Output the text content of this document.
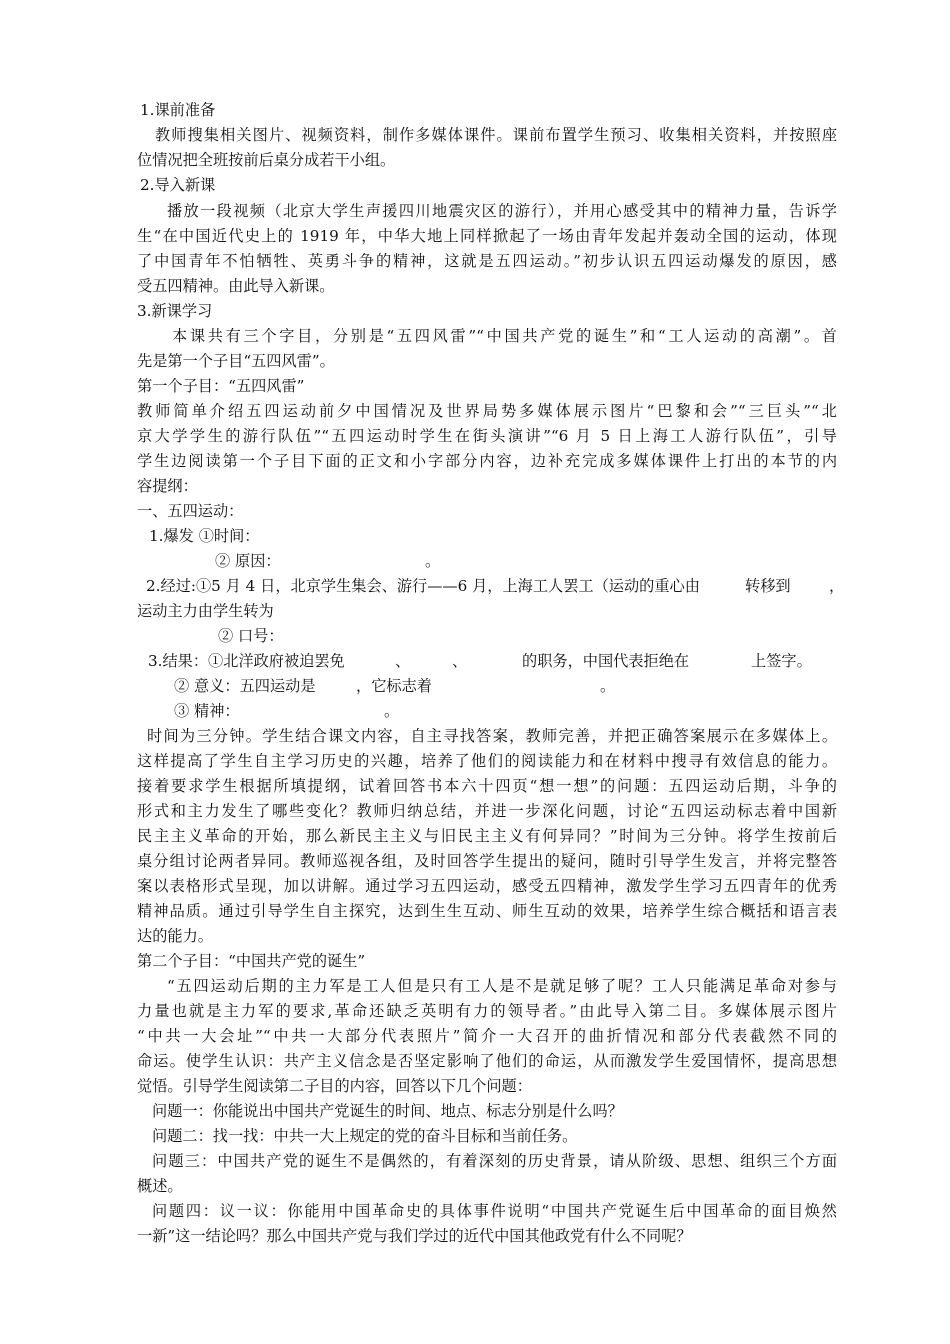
1.课前准备
教师搜集相关图片、视频资料，制作多媒体课件。课前布置学生预习、收集相关资料，并按照座
位情况把全班按前后桌分成若干小组。
2.导入新课
播放一段视频（北京大学生声援四川地震灾区的游行），并用心感受其中的精神力量，告诉学
生“在中国近代史上的 1919 年，中华大地上同样掀起了一场由青年发起并轰动全国的运动，体现
了中国青年不怕牺牲、英勇斗争的精神，这就是五四运动。”初步认识五四运动爆发的原因，感
受五四精神。由此导入新课。
3.新课学习
本课共有三个字目，分别是“五四风雷”“中国共产党的诞生”和“工人运动的高潮”。首
先是第一个子目“五四风雷”。
第一个子目：“五四风雷”
教师简单介绍五四运动前夕中国情况及世界局势多媒体展示图片“巴黎和会”“三巨头”“北
京大学学生的游行队伍”“五四运动时学生在街头演讲”“6 月 5 日上海工人游行队伍”，引导
学生边阅读第一个子目下面的正文和小字部分内容，边补充完成多媒体课件上打出的本节的内
容提纲：
一、五四运动：
1.爆发 ①时间：
② 原因：	。
2.经过:①5 月 4 日，北京学生集会、游行——6 月，上海工人罢工（运动的重心由	转移到	，
运动主力由学生转为
② 口号：
3.结果：①北洋政府被迫罢免	、	、	的职务，中国代表拒绝在	上签字。
② 意义：五四运动是	，它标志着	。
③ 精神：	。
时间为三分钟。学生结合课文内容，自主寻找答案，教师完善，并把正确答案展示在多媒体上。
这样提高了学生自主学习历史的兴趣，培养了他们的阅读能力和在材料中搜寻有效信息的能力。
接着要求学生根据所填提纲，试着回答书本六十四页“想一想”的问题：五四运动后期，斗争的
形式和主力发生了哪些变化？教师归纳总结，并进一步深化问题，讨论“五四运动标志着中国新
民主主义革命的开始，那么新民主主义与旧民主主义有何异同？”时间为三分钟。将学生按前后
桌分组讨论两者异同。教师巡视各组，及时回答学生提出的疑问，随时引导学生发言，并将完整答
案以表格形式呈现，加以讲解。通过学习五四运动，感受五四精神，激发学生学习五四青年的优秀
精神品质。通过引导学生自主探究，达到生生互动、师生互动的效果，培养学生综合概括和语言表
达的能力。
第二个子目：“中国共产党的诞生”
“五四运动后期的主力军是工人但是只有工人是不是就足够了呢？工人只能满足革命对参与
力量也就是主力军的要求,革命还缺乏英明有力的领导者。”由此导入第二目。多媒体展示图片
“中共一大会址”“中共一大部分代表照片”简介一大召开的曲折情况和部分代表截然不同的
命运。使学生认识：共产主义信念是否坚定影响了他们的命运，从而激发学生爱国情怀，提高思想
觉悟。引导学生阅读第二子目的内容，回答以下几个问题：
问题一：你能说出中国共产党诞生的时间、地点、标志分别是什么吗？
问题二：找一找：中共一大上规定的党的奋斗目标和当前任务。
问题三：中国共产党的诞生不是偶然的，有着深刻的历史背景，请从阶级、思想、组织三个方面
概述。
问题四：议一议：你能用中国革命史的具体事件说明“中国共产党诞生后中国革命的面目焕然
一新”这一结论吗？那么中国共产党与我们学过的近代中国其他政党有什么不同呢？
